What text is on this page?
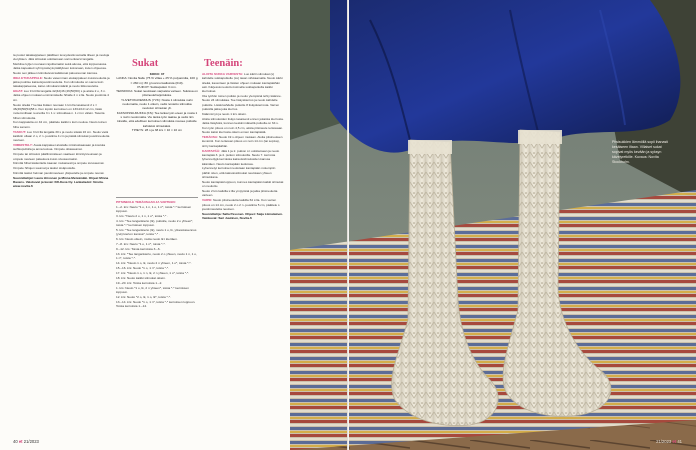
ta puolet takakappaleen päällisen leveydestä samalla tiileen ja neuloja vieryttäen. Jätä silmukat odottamaan sormenkiersi langalle.

Merkitse kyljen reunaan rajoittamaksi sekä alussa, että loppuosassa. Jatka kapeaketi sylimyssävyä päällyksen kokonaan, kuten ohjeessa. Neulo sen jälkeen kiinnitelevä kaikkiosat paluureunan kanssa.

IDEA ETUKAPPALE: Neulo vasemman etukappaleen kuvioneuletta ja jatka puolitse kaksoisjoustinneuletta. Kun silmukoita on sama kuin takakappaleessa, katso silmukanmäärät ja neulo tikkuneuletta.

HIHAT: Luo 9 krt:llä langalla 42(42)46 (46(50)50) s ja aloita 2 o, 3 n. Jatka ohjeen mukaan ensimmäiselle hihalle 2 n s:lla. Neulo joustinta 4 cm.

Neulo sileää 7 kertaa lisäten reunaan 1 krs:lla tasaisesti 2 s = 46(46)50(54)58 s. Kun lopöin kerroksen on 13/11/10 x2 cm, lisää molemmiltaan reunoilta 3 x 1 s: silmukkaa n. 1 cm:n välein. Tasoita hihan silmukoita.

Kun kappaletta on 42 cm, päättele kaikki s kuin neuloa. Neulo toinen hiha samoin.

TASKUT: Luo 3 krt:llä langalla 30 s ja neulo sileää 16 cm. Neulo vielä kaikkiin ollaan 2 o, 2 n -joustinta 4 cm ja päätä silmukat joustinneuletta neuloen.

VIIMEISTELY: Avata kappaleet alustalle mitoituskaavaan ja kostuta suihkupullolla ja anna kuivua. Ompele olkasaumat.

Ompele tai silmukoi päällimmäiseen vaatteen kiinnitysreunaan ja ompele neuleen palautuva kuvio sivusaumaksi.

Kiinnitä hihat kädentielle kaavan mukaisesti ja ompele sivusaumat. Ompele hihojen saumat ja taskut sisäpuolelle.

Kiinnitä taskut helman joustinneuleen yläpuolelle ja ompele reunat.

Suunnittelijat: Laura Hirvonen ja Minna Metsämäki. Ohjeet Minna Ravens. Valokuvat ja kuvat: KR-Kuva Oy. Lankatiedot: Novita. www.novita.fi

Sukat

KOKO: 37

LANKA: Novita Nalle (75 % villaa + 25 % polyamidia, 100 g = 260 m): 80 g luonnonvalkoista (010).

PUIKOT: Sukkapuikot 3 mm.

TEKNIIKKA: Sukat neulotaan varpaista varteen. Sukissa on pitsineuleharjoituksia.

YLIVETOKAVENNUS (YVK): Nosta 1 silmukka nurin neulomatta, neulo 1 oikein, vedä nostettu silmukka neulotun silmukan yli.

KAKSOISSILMUKKA (KS): Tee lanka työn eteen ja nosta 1 s nurin neulomatta. Vie lanka työn taakse ja vedä niin kireälle, että edellisen kerroksen silmukka nousee puikolle kahdeksi silmukaksi.

TIHEYS: 28 s ja 38 krs = 10 × 10 cm

PITSINEULE TERÄOSAAN JA VARTEEN:

1.–2. krs: Neulo *1 o, 1 n, 1 o, 1 n*, toista *-* kerroksen loppuun.

3. krs: *Neulo 2 o, 1 n, 1 o*, toista *-* .

4. krs: *Tee langankierto (lk), puikolle, neulo 2 o yhteen*, toista *-* kerroksen loppuun.

5. krs: *Tee langankierto (lk), neulo 1 o, lk, ylivetokavennus (yvk) kierton kanssa*, toista *-* .

6. krs: Neulo oikein, mutta neulo lk:t kiertäen.

7.–8. krs: Neulo *1 o, 1 n*, toista *-*.

9.–12. krs: Toista kerroksia 3.–6.

13. krs: *Tee langankierto, neulo 2 o yhteen, neulo 1 n, 1 o, 1 n*, toista *-*.

14. krs: *Neulo 1 o, lk, neulo 2 n yhteen, 1 o*, toista *-*.

15.–16. krs: Neulo *1 o, 1 n*, toista *-*.

17. krs: *Neulo 1 o, 1 n, lk, 2 n yhteen, 1 o*, toista *-*.

18. krs: Neulo kaikki silmukat oikein.

19.–20. krs: Toista kerroksia 1.–2.

1. krs: Neulo *1 o, lk, 2 n yhteen*, toista *-* kerroksen loppuun.

12. krs: Neulo *2 o, lk, 1 o, lk*, toista *-*.

13.–14. krs: Neulo *1 o, 1 n*, toista *-* kerroksen loppuun. Toista kerroksia 1.–14.

Teenäin:

ALOITA SUKKA VARVESTA: Luo käriin silmukat (s) kahdelle sukkapuikolle (ss) tasan virkkaamalla. Neulo kärki sileää, kaventaen ja lisäten ohjeen mukaan kantapäähän asti. Kärjessä neulottu kolmella sukkapuikolla kaikki kierrokset.

Ota työhön toinen puikko ja neulo ylempänä tehty käänne. Neulo 24 silmukkaa. Tee lisäyskierros ja neulo kahdelle puikolle. Lisää kahdelle puikolle 8 lisäyskierrosta. Varren puikoilla jatka joka kierros.

Käännä työ ja neulo 1 krs oikein.

Aloita silmukoiden lisäys tasaisesti ennen jokaista kierrosta. Jatka lisäyksiä, kunnes keskimmäisellä puikolla on 64 s.

Kun työn pituus on noin 4,5 cm, aloita pitsineule teräosaan. Neulo kaksi kierrosta oikein ennen kantapäätä.

TERÄOSA: Neulo 19 s ohjeen mukaan. Aloita pitsineuleen kuviointi. Kun teräosan pituus on noin 14 cm (tai sopiva), siirry kantapäähän.

KANTAPÄÄ: Jätä 1 ja 2. puikon s:t odottamaan ja neulo kantapää 3. ja 4. puikon silmukoilla. Neulo 7. kerrosta lyhennettyjä kerroksia kaksoissilmukoiden kanssa kääntäen. Neulo kantapään keskiosa.

Lyhennetyt kerrokset neulotaan kantapään molempiin päihin siten, että kaksoissilmukat neulotaan yhteen silmukkana.

Neulo kantapää loppuun, kunnes kantapään kaikki silmukat on neulottu.

Neulo 2 krs kaikilla s:illa ympyränä ja jatka pitsineuletta varteen.

VARSI: Neulo pitsineuletta kaikilla 64 s:lla. Kun varren pituus on 14 cm, neulo 2 o 2 n -joustinta 5 cm, päättele s joustinneuletta neuloen.

Suunnittelija: Salla Pesonen. Ohjeet: Saija Liimatainen. Valokuvat: Sari Juutinen, Novita.fi

40 et 21/2023	21/2023 et 41
Pitsisukkien lämmöllä sopii ihanasti kesäiseen iltaan. Villaiset sukat sopivat myös kevään ja syksyn kävelyretkille. Kuvaus: Novita Stockholm.
